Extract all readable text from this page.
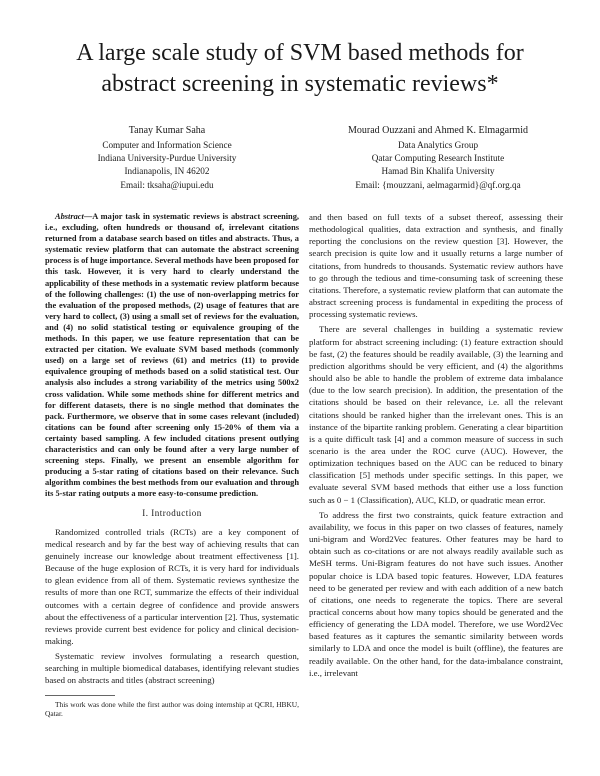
A large scale study of SVM based methods for abstract screening in systematic reviews*
Tanay Kumar Saha
Computer and Information Science
Indiana University-Purdue University
Indianapolis, IN 46202
Email: tksaha@iupui.edu
Mourad Ouzzani and Ahmed K. Elmagarmid
Data Analytics Group
Qatar Computing Research Institute
Hamad Bin Khalifa University
Email: {mouzzani, aelmagarmid}@qf.org.qa

Abstract—A major task in systematic reviews is abstract screening, i.e., excluding, often hundreds or thousand of, irrelevant citations returned from a database search based on titles and abstracts. Thus, a systematic review platform that can automate the abstract screening process is of huge importance. Several methods have been proposed for this task. However, it is very hard to clearly understand the applicability of these methods in a systematic review platform because of the following challenges: (1) the use of non-overlapping metrics for the evaluation of the proposed methods, (2) usage of features that are very hard to collect, (3) using a small set of reviews for the evaluation, and (4) no solid statistical testing or equivalence grouping of the methods. In this paper, we use feature representation that can be extracted per citation. We evaluate SVM based methods (commonly used) on a large set of reviews (61) and metrics (11) to provide equivalence grouping of methods based on a solid statistical test. Our analysis also includes a strong variability of the metrics using 500x2 cross validation. While some methods shine for different metrics and for different datasets, there is no single method that dominates the pack. Furthermore, we observe that in some cases relevant (included) citations can be found after screening only 15-20% of them via a certainty based sampling. A few included citations present outlying characteristics and can only be found after a very large number of screening steps. Finally, we present an ensemble algorithm for producing a 5-star rating of citations based on their relevance. Such algorithm combines the best methods from our evaluation and through its 5-star rating outputs a more easy-to-consume prediction.

I. Introduction

Randomized controlled trials (RCTs) are a key component of medical research and by far the best way of achieving results that can genuinely increase our knowledge about treatment effectiveness [1]. Because of the huge explosion of RCTs, it is very hard for individuals to glean evidence from all of them. Systematic reviews synthesize the results of more than one RCT, summarize the effects of their individual outcomes with a certain degree of confidence and provide answers about the effectiveness of a particular intervention [2]. Thus, systematic reviews provide current best evidence for policy and clinical decision-making.

Systematic review involves formulating a research question, searching in multiple biomedical databases, identifying relevant studies based on abstracts and titles (abstract screening)

This work was done while the first author was doing internship at QCRI, HBKU, Qatar.

and then based on full texts of a subset thereof, assessing their methodological qualities, data extraction and synthesis, and finally reporting the conclusions on the review question [3]. However, the search precision is quite low and it usually returns a large number of citations, from hundreds to thousands. Systematic review authors have to go through the tedious and time-consuming task of screening these citations. Therefore, a systematic review platform that can automate the abstract screening process is fundamental in expediting the process of processing systematic reviews.

There are several challenges in building a systematic review platform for abstract screening including: (1) feature extraction should be fast, (2) the features should be readily available, (3) the learning and prediction algorithms should be very efficient, and (4) the algorithms should also be able to handle the problem of extreme data imbalance (due to the low search precision). In addition, the presentation of the citations should be based on their relevance, i.e. all the relevant citations should be ranked higher than the irrelevant ones. This is an instance of the bipartite ranking problem. Generating a clear bipartition is a quite difficult task [4] and a common measure of success in such scenario is the area under the ROC curve (AUC). However, the optimization techniques based on the AUC can be reduced to binary classification [5] methods under specific settings. In this paper, we evaluate several SVM based methods that either use a loss function such as 0 − 1 (Classification), AUC, KLD, or quadratic mean error.

To address the first two constraints, quick feature extraction and availability, we focus in this paper on two classes of features, namely uni-bigram and Word2Vec features. Other features may be hard to obtain such as co-citations or are not always readily available such as MeSH terms. Uni-Bigram features do not have such issues. Another popular choice is LDA based topic features. However, LDA features need to be generated per review and with each addition of a new batch of citations, one needs to regenerate the topics. There are several practical concerns about how many topics should be generated and the efficiency of generating the LDA model. Therefore, we use Word2Vec based features as it captures the semantic similarity between words similarly to LDA and once the model is built (offline), the features are readily available. On the other hand, for the data-imbalance constraint, i.e., irrelevant
